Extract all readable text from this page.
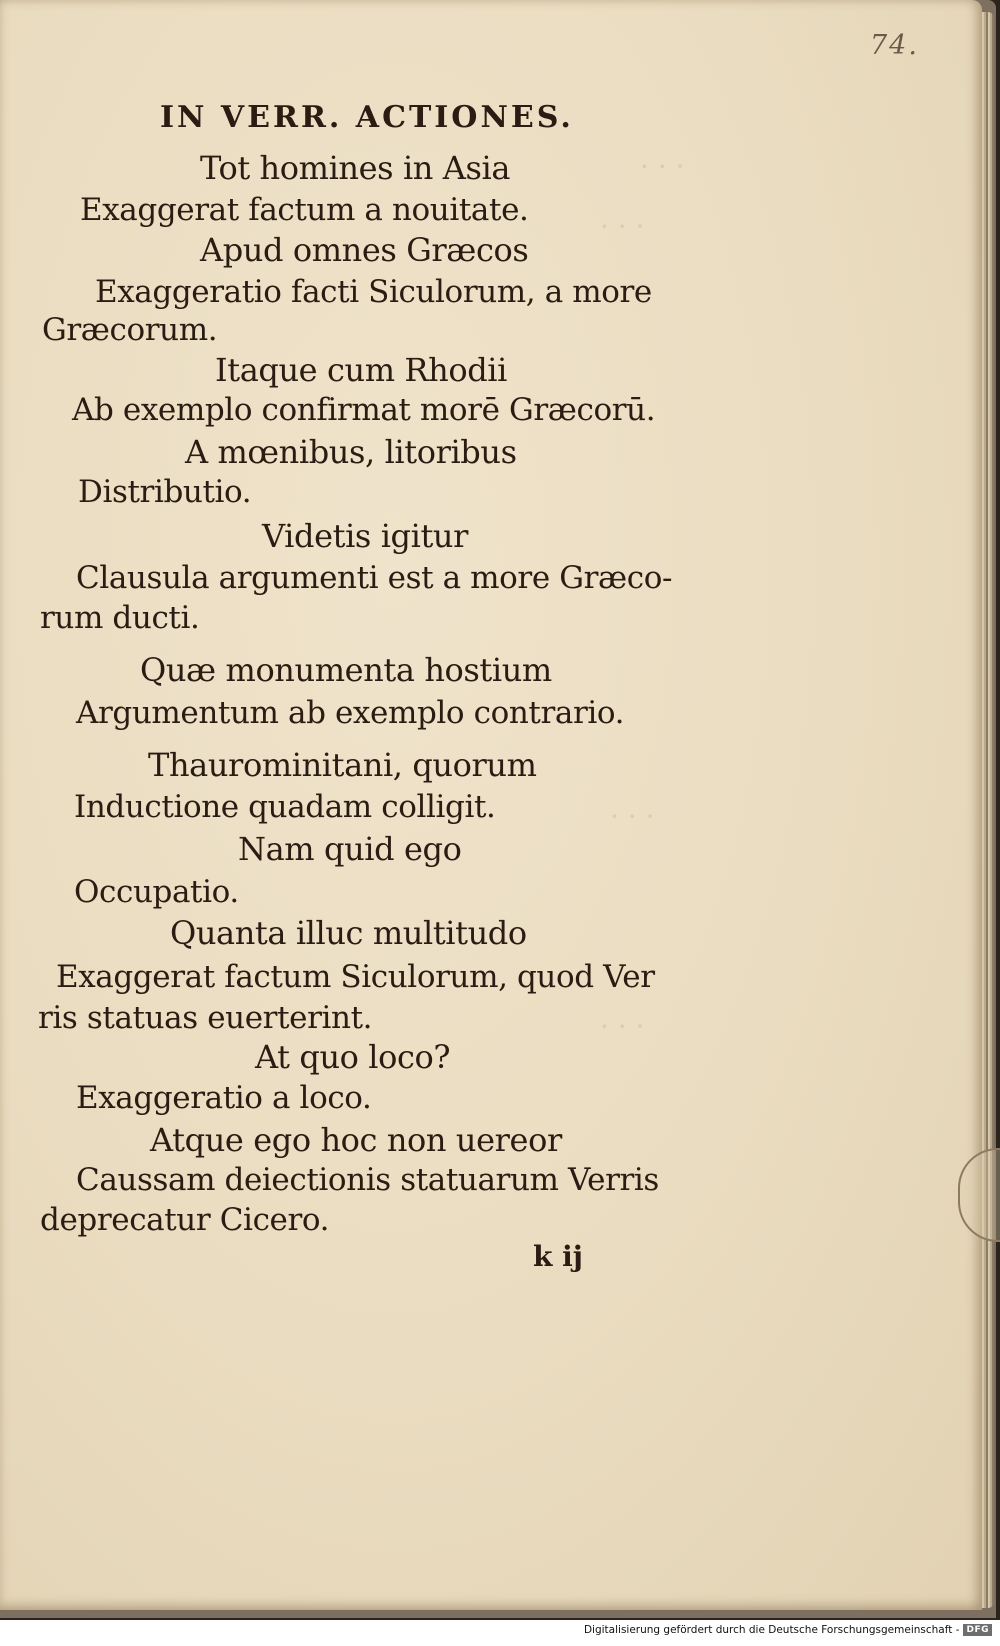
· · ·
· · ·
· · ·
· · ·
74.
IN VERR. ACTIONES.
Tot homines in Asia
Exaggerat factum a nouitate.
Apud omnes Græcos
Exaggeratio facti Siculorum, a more
Græcorum.
Itaque cum Rhodii
Ab exemplo confirmat morē Græcorū.
A mœnibus, litoribus
Distributio.
Videtis igitur
Clausula argumenti est a more Græco-
rum ducti.
Quæ monumenta hostium
Argumentum ab exemplo contrario.
Thaurominitani, quorum
Inductione quadam colligit.
Nam quid ego
Occupatio.
Quanta illuc multitudo
Exaggerat factum Siculorum, quod Ver
ris statuas euerterint.
At quo loco?
Exaggeratio a loco.
Atque ego hoc non uereor
Caussam deiectionis statuarum Verris
deprecatur Cicero.
k ij
Digitalisierung gefördert durch die Deutsche Forschungsgemeinschaft - DFG
